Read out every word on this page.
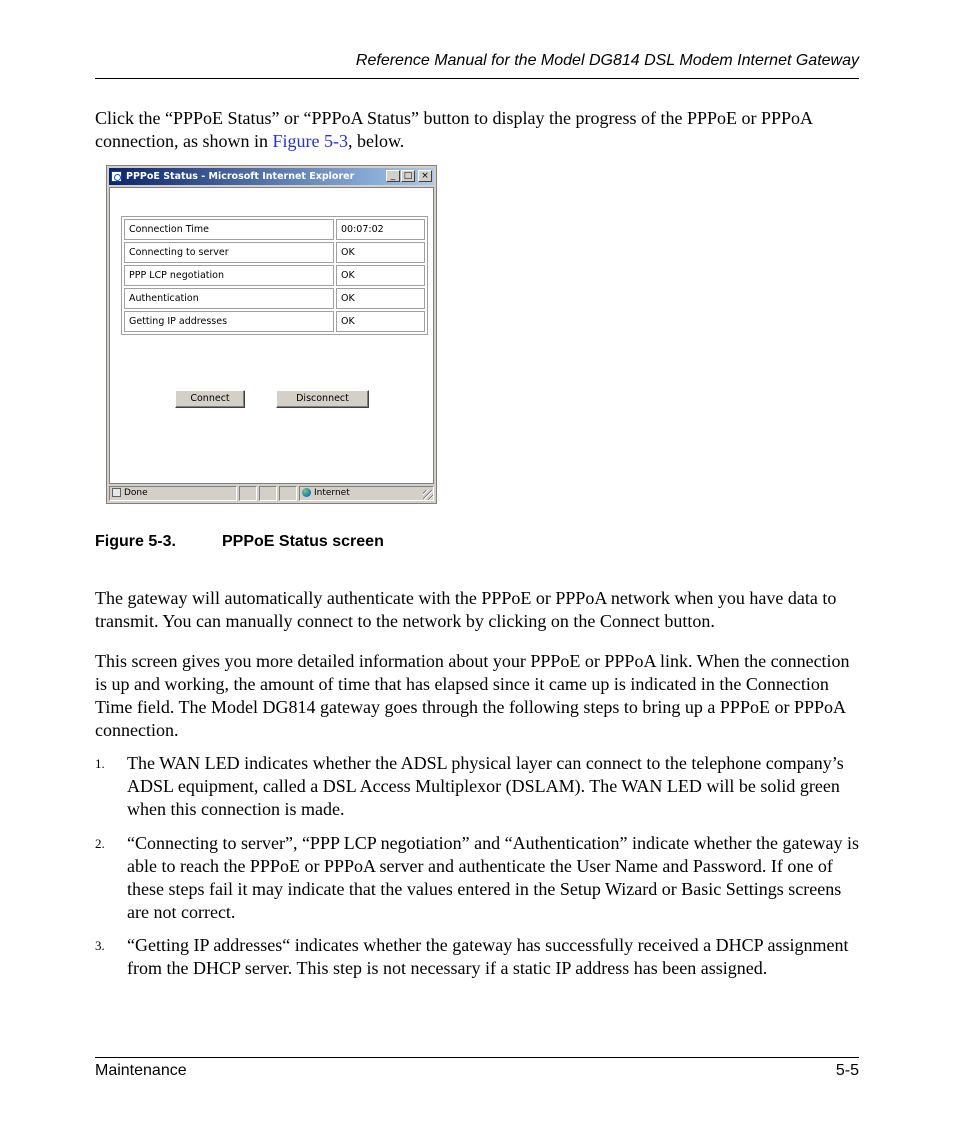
Reference Manual for the Model DG814 DSL Modem Internet Gateway
Click the “PPPoE Status” or “PPPoA Status” button to display the progress of the PPPoE or PPPoA connection, as shown in Figure 5-3, below.
PPPoE Status - Microsoft Internet Explorer	_ □ ×
Connection Time	00:07:02
Connecting to server	OK
PPP LCP negotiation	OK
Authentication	OK
Getting IP addresses	OK
Connect	Disconnect
Done	Internet
Figure 5-3.	PPPoE Status screen
The gateway will automatically authenticate with the PPPoE or PPPoA network when you have data to transmit. You can manually connect to the network by clicking on the Connect button.
This screen gives you more detailed information about your PPPoE or PPPoA link. When the connection is up and working, the amount of time that has elapsed since it came up is indicated in the Connection Time field. The Model DG814 gateway goes through the following steps to bring up a PPPoE or PPPoA connection.
1.	The WAN LED indicates whether the ADSL physical layer can connect to the telephone company’s ADSL equipment, called a DSL Access Multiplexor (DSLAM). The WAN LED will be solid green when this connection is made.
2.	“Connecting to server”, “PPP LCP negotiation” and “Authentication” indicate whether the gateway is able to reach the PPPoE or PPPoA server and authenticate the User Name and Password. If one of these steps fail it may indicate that the values entered in the Setup Wizard or Basic Settings screens are not correct.
3.	“Getting IP addresses“ indicates whether the gateway has successfully received a DHCP assignment from the DHCP server. This step is not necessary if a static IP address has been assigned.
Maintenance	5-5
